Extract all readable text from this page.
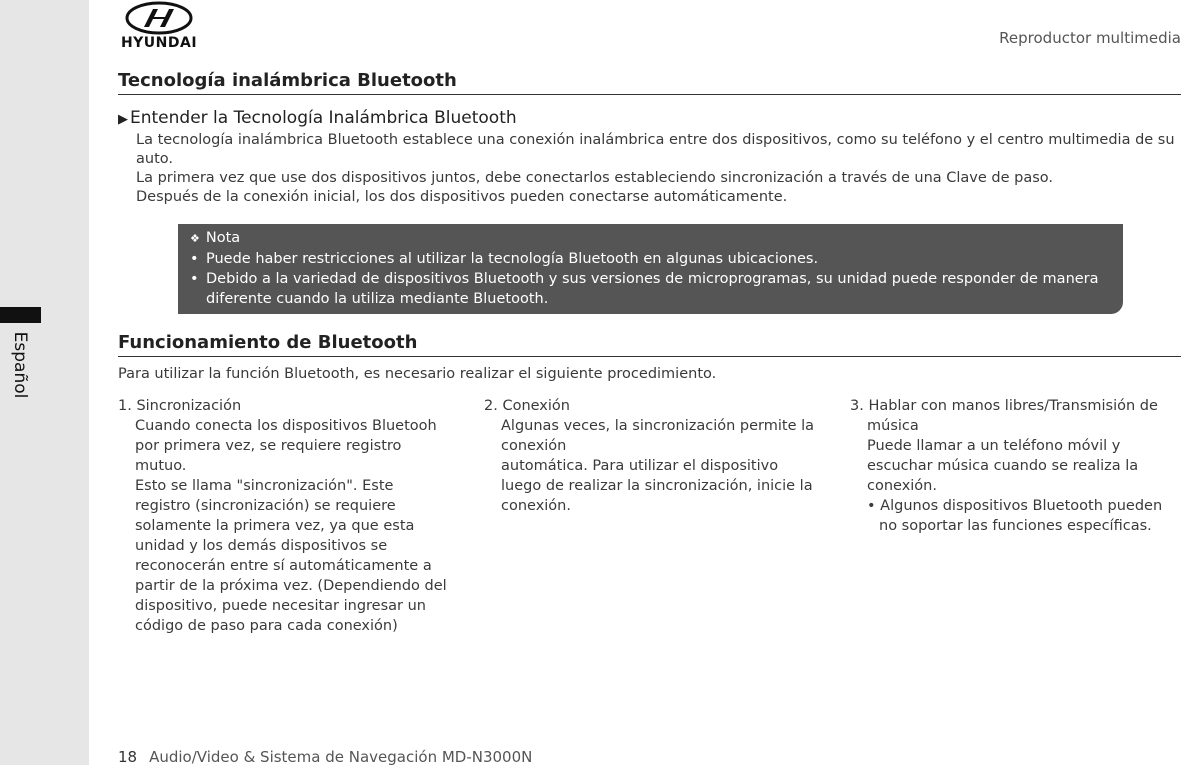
Español
HYUNDAI	Reproductor multimedia
Tecnología inalámbrica Bluetooth
▶ Entender la Tecnología Inalámbrica Bluetooth

La tecnología inalámbrica Bluetooth establece una conexión inalámbrica entre dos dispositivos, como su teléfono y el centro multimedia de su auto.

La primera vez que use dos dispositivos juntos, debe conectarlos estableciendo sincronización a través de una Clave de paso.

Después de la conexión inicial, los dos dispositivos pueden conectarse automáticamente.

❖ Nota
• Puede haber restricciones al utilizar la tecnología Bluetooth en algunas ubicaciones.
• Debido a la variedad de dispositivos Bluetooth y sus versiones de microprogramas, su unidad puede responder de manera diferente cuando la utiliza mediante Bluetooth.
Funcionamiento de Bluetooth
Para utilizar la función Bluetooth, es necesario realizar el siguiente procedimiento.
1. Sincronización
Cuando conecta los dispositivos Bluetooh
por primera vez, se requiere registro
mutuo.
Esto se llama "sincronización". Este
registro (sincronización) se requiere
solamente la primera vez, ya que esta
unidad y los demás dispositivos se
reconocerán entre sí automáticamente a
partir de la próxima vez. (Dependiendo del
dispositivo, puede necesitar ingresar un
código de paso para cada conexión)
2. Conexión
Algunas veces, la sincronización permite la
conexión
automática. Para utilizar el dispositivo
luego de realizar la sincronización, inicie la
conexión.
3. Hablar con manos libres/Transmisión de
música
Puede llamar a un teléfono móvil y
escuchar música cuando se realiza la
conexión.
• Algunos dispositivos Bluetooth pueden no soportar las funciones específicas.
18 Audio/Video & Sistema de Navegación MD-N3000N
